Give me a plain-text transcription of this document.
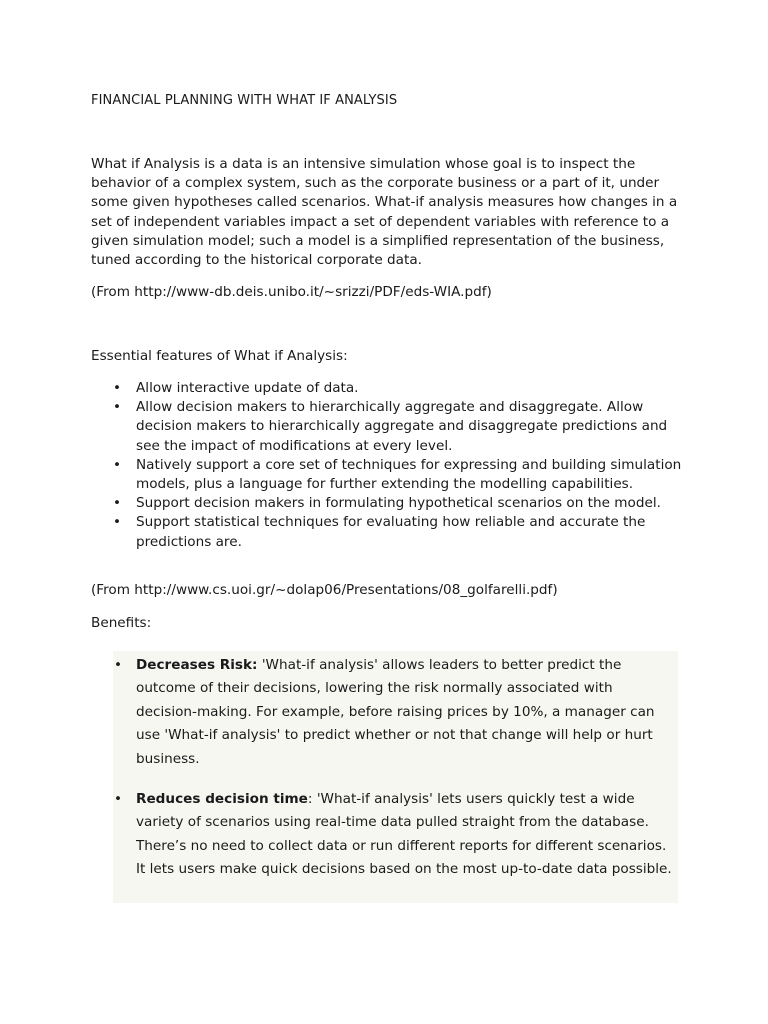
FINANCIAL PLANNING WITH WHAT IF ANALYSIS

What if Analysis is a data is an intensive simulation whose goal is to inspect the behavior of a complex system, such as the corporate business or a part of it, under some given hypotheses called scenarios. What-if analysis measures how changes in a set of independent variables impact a set of dependent variables with reference to a given simulation model; such a model is a simplified representation of the business, tuned according to the historical corporate data.

(From http://www-db.deis.unibo.it/~srizzi/PDF/eds-WIA.pdf)

Essential features of What if Analysis:

• Allow interactive update of data.
• Allow decision makers to hierarchically aggregate and disaggregate. Allow decision makers to hierarchically aggregate and disaggregate predictions and see the impact of modifications at every level.
• Natively support a core set of techniques for expressing and building simulation models, plus a language for further extending the modelling capabilities.
• Support decision makers in formulating hypothetical scenarios on the model.
• Support statistical techniques for evaluating how reliable and accurate the predictions are.

(From http://www.cs.uoi.gr/~dolap06/Presentations/08_golfarelli.pdf)

Benefits:

• Decreases Risk: 'What-if analysis' allows leaders to better predict the outcome of their decisions, lowering the risk normally associated with decision-making. For example, before raising prices by 10%, a manager can use 'What-if analysis' to predict whether or not that change will help or hurt business.
• Reduces decision time: 'What-if analysis' lets users quickly test a wide variety of scenarios using real-time data pulled straight from the database. There’s no need to collect data or run different reports for different scenarios. It lets users make quick decisions based on the most up-to-date data possible.
